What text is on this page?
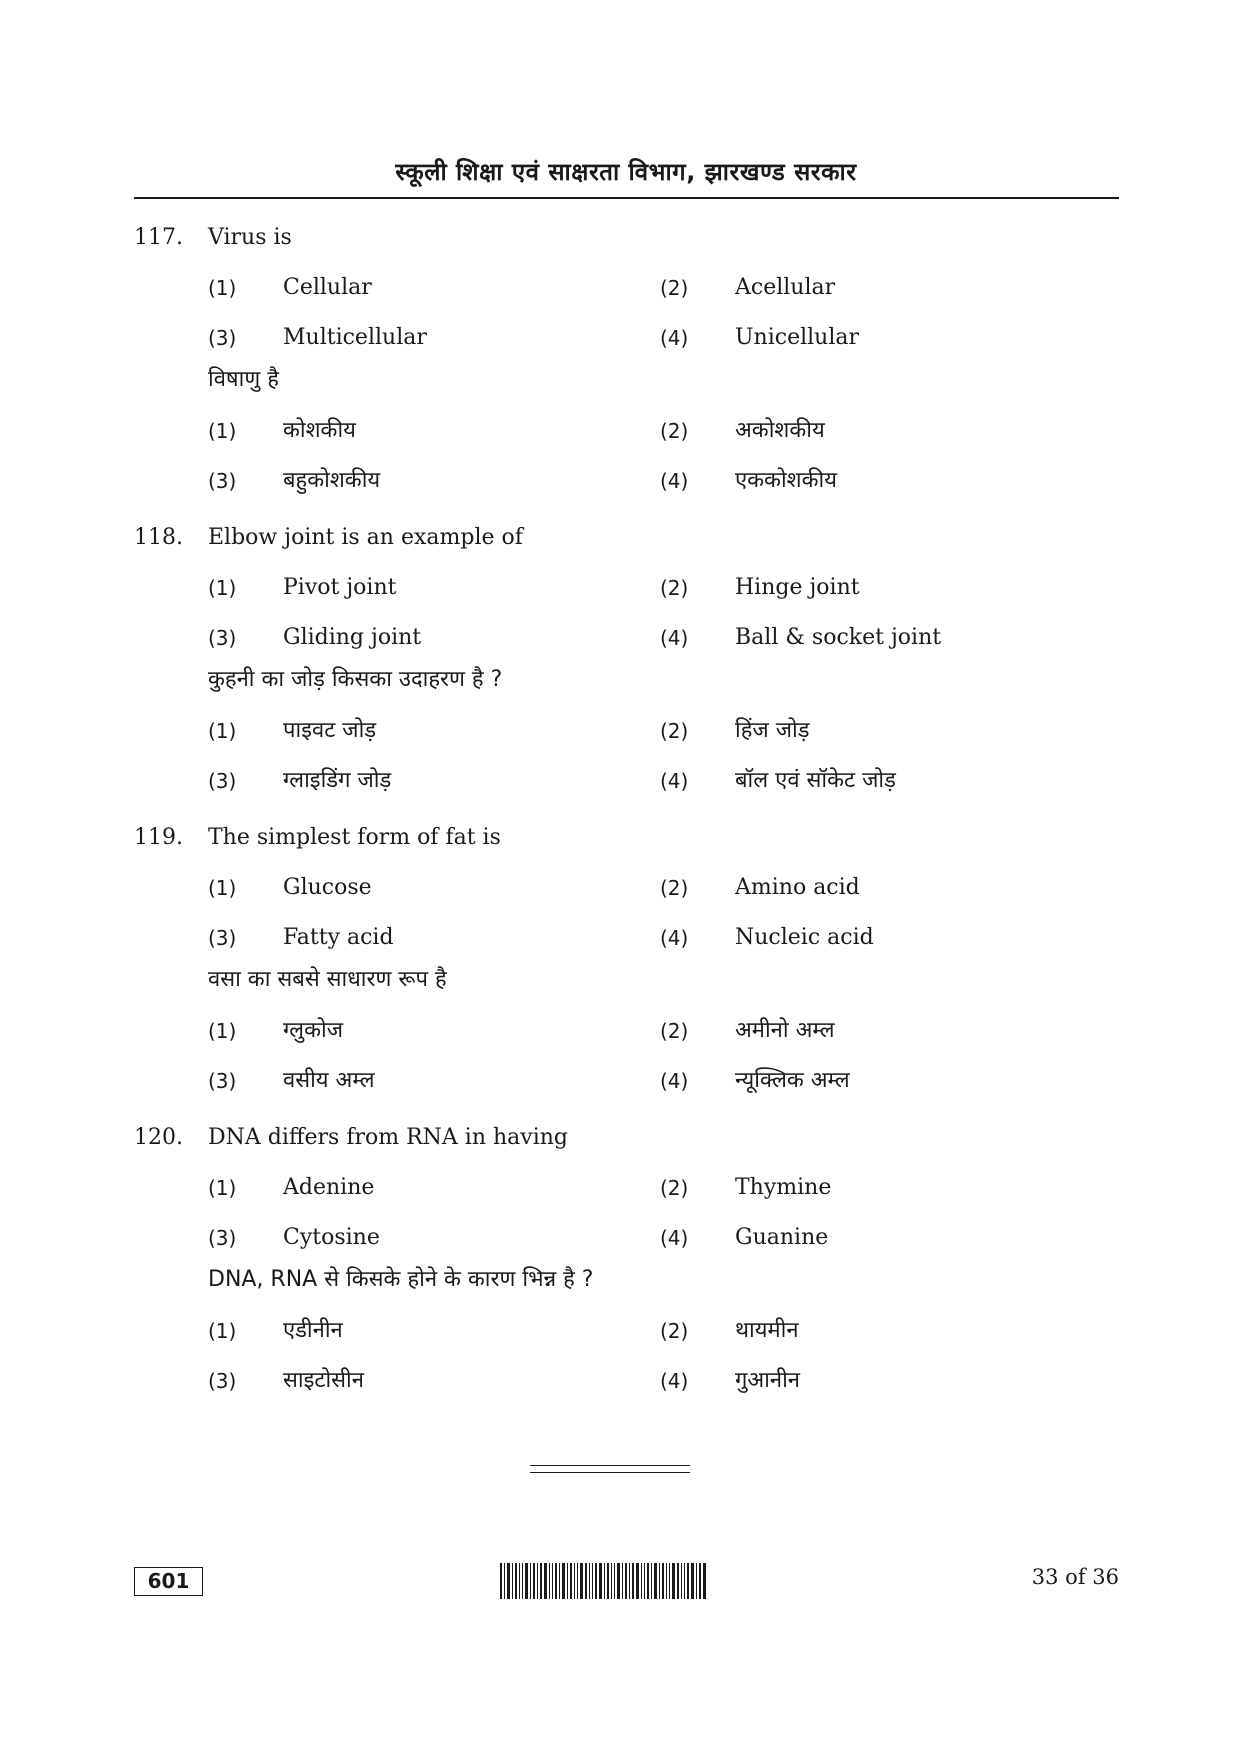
स्कूली शिक्षा एवं साक्षरता विभाग, झारखण्ड सरकार
117. Virus is
(1) Cellular	(2) Acellular
(3) Multicellular	(4) Unicellular
विषाणु है
(1) कोशकीय	(2) अकोशकीय
(3) बहुकोशकीय	(4) एककोशकीय
118. Elbow joint is an example of
(1) Pivot joint	(2) Hinge joint
(3) Gliding joint	(4) Ball & socket joint
कुहनी का जोड़ किसका उदाहरण है ?
(1) पाइवट जोड़	(2) हिंज जोड़
(3) ग्लाइडिंग जोड़	(4) बॉल एवं सॉकेट जोड़
119. The simplest form of fat is
(1) Glucose	(2) Amino acid
(3) Fatty acid	(4) Nucleic acid
वसा का सबसे साधारण रूप है
(1) ग्लुकोज	(2) अमीनो अम्ल
(3) वसीय अम्ल	(4) न्यूक्लिक अम्ल
120. DNA differs from RNA in having
(1) Adenine	(2) Thymine
(3) Cytosine	(4) Guanine
DNA, RNA से किसके होने के कारण भिन्न है ?
(1) एडीनीन	(2) थायमीन
(3) साइटोसीन	(4) गुआनीन
601	33 of 36
